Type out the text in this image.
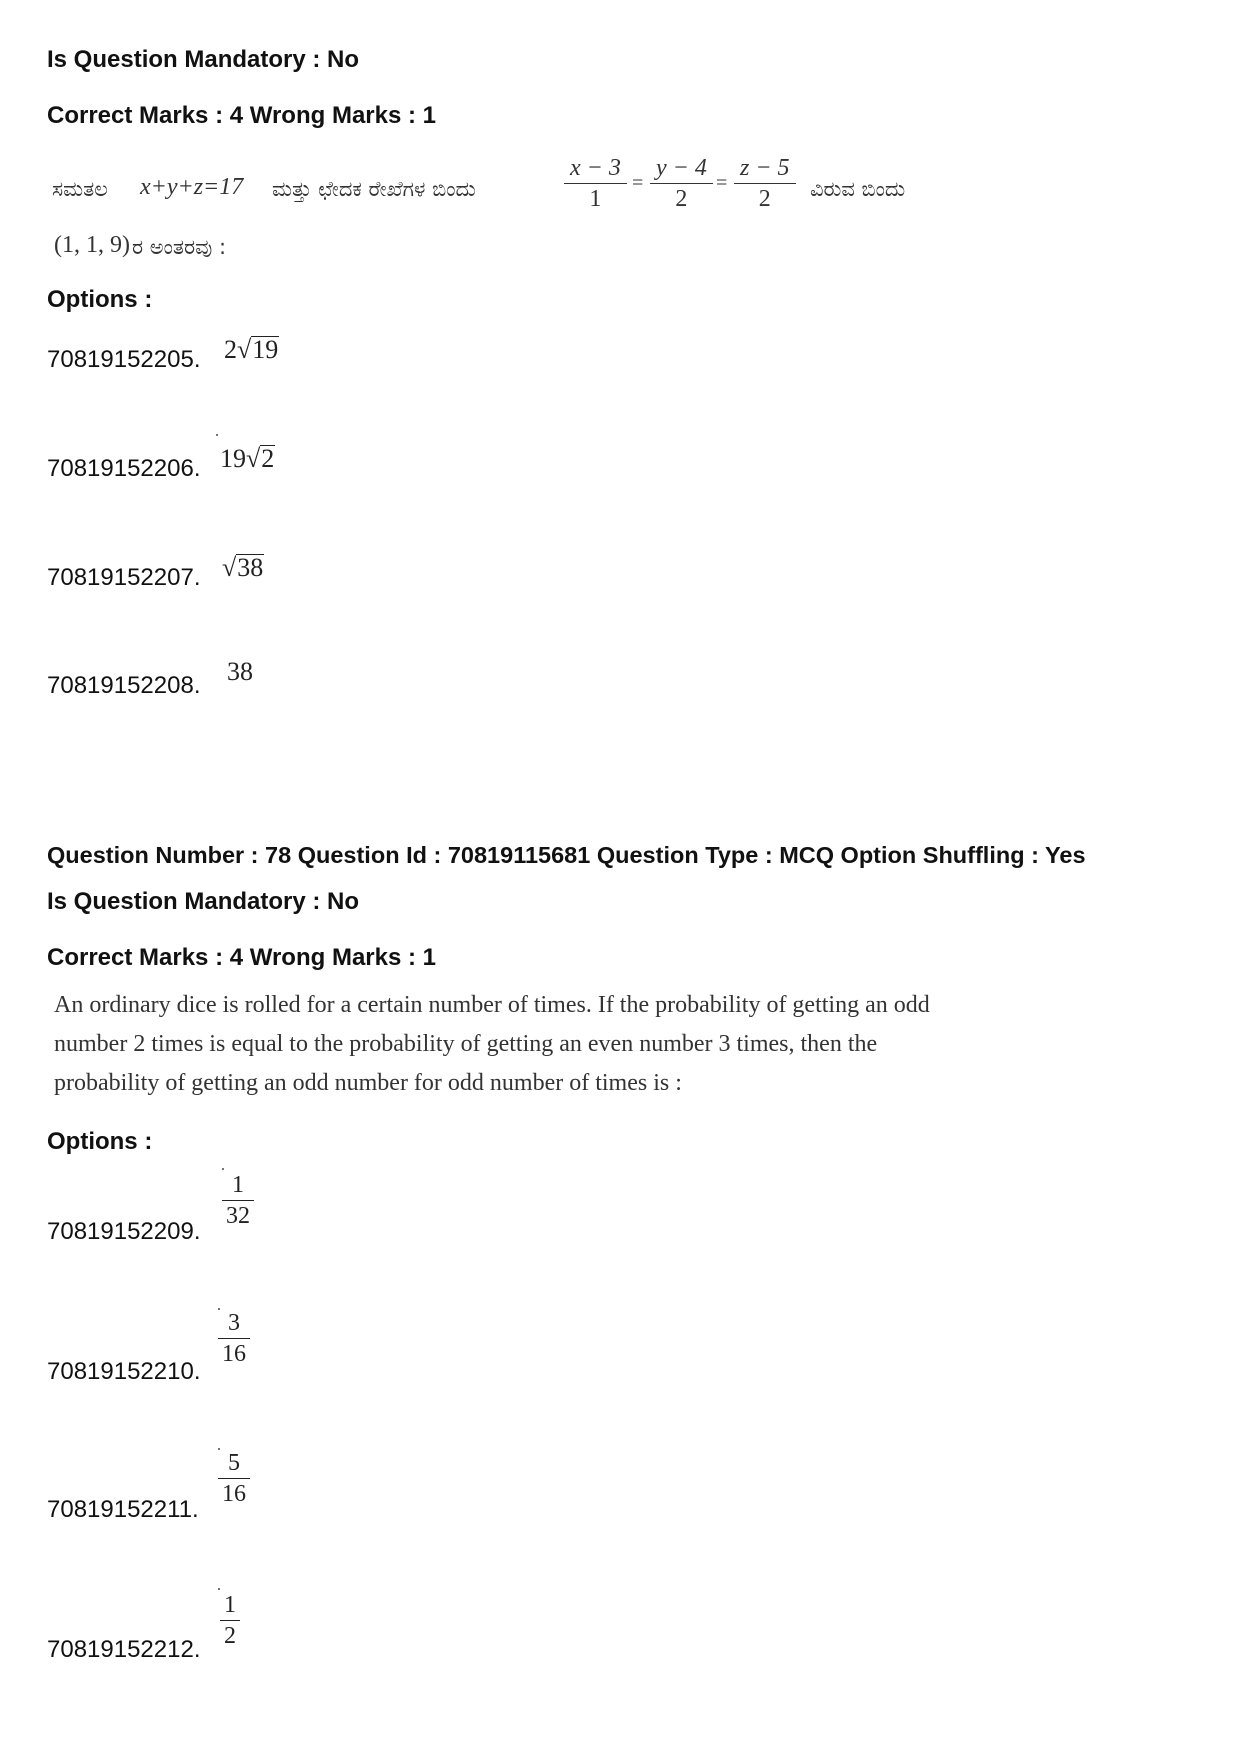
Is Question Mandatory : No
Correct Marks : 4 Wrong Marks : 1
ಸಮತಲ x+y+z=17 ಮತ್ತು ಛೇದಕ ರೇಖೆಗಳ ಬಿಂದು
x − 3
1
=
y − 4
2
=
z − 5
2 ವಿರುವ ಬಿಂದು
(1, 1, 9) ರ ಅಂತರವು :
Options :
70819152205. 2√19
70819152206. 19√2
70819152207. √38
70819152208. 38
Question Number : 78 Question Id : 70819115681 Question Type : MCQ Option Shuffling : Yes
Is Question Mandatory : No
Correct Marks : 4 Wrong Marks : 1
An ordinary dice is rolled for a certain number of times. If the probability of getting an odd
number 2 times is equal to the probability of getting an even number 3 times, then the
probability of getting an odd number for odd number of times is :
Options :
70819152209.
1
32
70819152210.
3
16
70819152211.
5
16
70819152212.
1
2
